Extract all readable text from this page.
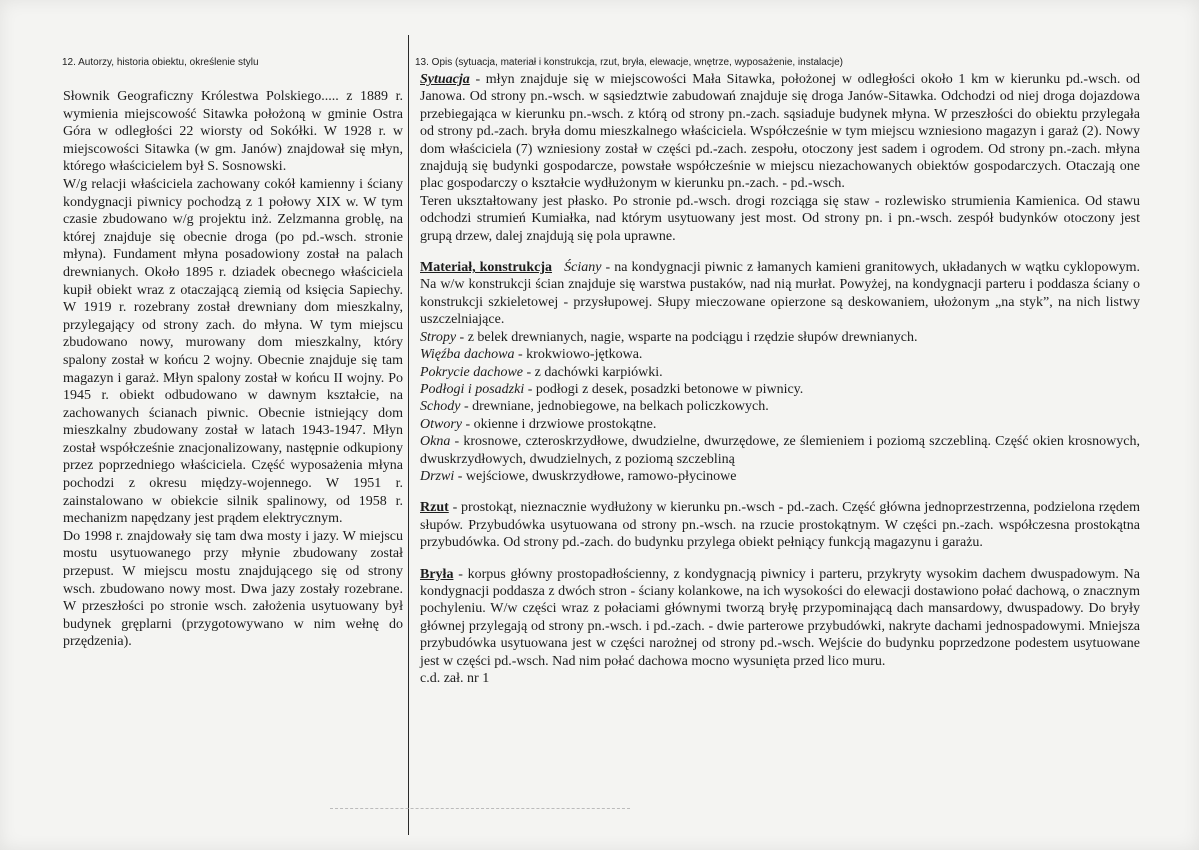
12. Autorzy, historia obiektu, określenie stylu	13. Opis (sytuacja, materiał i konstrukcja, rzut, bryła, elewacje, wnętrze, wyposażenie, instalacje)

Słownik Geograficzny Królestwa Polskiego..... z 1889 r. wymienia miejscowość Sitawka położoną w gminie Ostra Góra w odległości 22 wiorsty od Sokółki. W 1928 r. w miejscowości Sitawka (w gm. Janów) znajdował się młyn, którego właścicielem był S. Sosnowski.

W/g relacji właściciela zachowany cokół kamienny i ściany kondygnacji piwnicy pochodzą z 1 połowy XIX w. W tym czasie zbudowano w/g projektu inż. Zelzmanna groblę, na której znajduje się obecnie droga (po pd.-wsch. stronie młyna). Fundament młyna posadowiony został na palach drewnianych. Około 1895 r. dziadek obecnego właściciela kupił obiekt wraz z otaczającą ziemią od księcia Sapiechy. W 1919 r. rozebrany został drewniany dom mieszkalny, przylegający od strony zach. do młyna. W tym miejscu zbudowano nowy, murowany dom mieszkalny, który spalony został w końcu 2 wojny. Obecnie znajduje się tam magazyn i garaż. Młyn spalony został w końcu II wojny. Po 1945 r. obiekt odbudowano w dawnym kształcie, na zachowanych ścianach piwnic. Obecnie istniejący dom mieszkalny zbudowany został w latach 1943-1947. Młyn został współcześnie znacjonalizowany, następnie odkupiony przez poprzedniego właściciela. Część wyposażenia młyna pochodzi z okresu między-wojennego. W 1951 r. zainstalowano w obiekcie silnik spalinowy, od 1958 r. mechanizm napędzany jest prądem elektrycznym.

Do 1998 r. znajdowały się tam dwa mosty i jazy. W miejscu mostu usytuowanego przy młynie zbudowany został przepust. W miejscu mostu znajdującego się od strony wsch. zbudowano nowy most. Dwa jazy zostały rozebrane. W przeszłości po stronie wsch. założenia usytuowany był budynek gręplarni (przygotowywano w nim wełnę do przędzenia).

Sytuacja - młyn znajduje się w miejscowości Mała Sitawka, położonej w odległości około 1 km w kierunku pd.-wsch. od Janowa. Od strony pn.-wsch. w sąsiedztwie zabudowań znajduje się droga Janów-Sitawka. Odchodzi od niej droga dojazdowa przebiegająca w kierunku pn.-wsch. z którą od strony pn.-zach. sąsiaduje budynek młyna. W przeszłości do obiektu przylegała od strony pd.-zach. bryła domu mieszkalnego właściciela. Współcześnie w tym miejscu wzniesiono magazyn i garaż (2). Nowy dom właściciela (7) wzniesiony został w części pd.-zach. zespołu, otoczony jest sadem i ogrodem. Od strony pn.-zach. młyna znajdują się budynki gospodarcze, powstałe współcześnie w miejscu niezachowanych obiektów gospodarczych. Otaczają one plac gospodarczy o kształcie wydłużonym w kierunku pn.-zach. - pd.-wsch.
Teren ukształtowany jest płasko. Po stronie pd.-wsch. drogi rozciąga się staw - rozlewisko strumienia Kamienica. Od stawu odchodzi strumień Kumiałka, nad którym usytuowany jest most. Od strony pn. i pn.-wsch. zespół budynków otoczony jest grupą drzew, dalej znajdują się pola uprawne.
Materiał, konstrukcja Ściany - na kondygnacji piwnic z łamanych kamieni granitowych, układanych w wątku cyklopowym. Na w/w konstrukcji ścian znajduje się warstwa pustaków, nad nią murłat. Powyżej, na kondygnacji parteru i poddasza ściany o konstrukcji szkieletowej - przysłupowej. Słupy mieczowane opierzone są deskowaniem, ułożonym „na styk”, na nich listwy uszczelniające.
Stropy - z belek drewnianych, nagie, wsparte na podciągu i rzędzie słupów drewnianych.
Więźba dachowa - krokwiowo-jętkowa.
Pokrycie dachowe - z dachówki karpiówki.
Podłogi i posadzki - podłogi z desek, posadzki betonowe w piwnicy.
Schody - drewniane, jednobiegowe, na belkach policzkowych.
Otwory - okienne i drzwiowe prostokątne.
Okna - krosnowe, czteroskrzydłowe, dwudzielne, dwurzędowe, ze ślemieniem i poziomą szczebliną. Część okien krosnowych, dwuskrzydłowych, dwudzielnych, z poziomą szczebliną
Drzwi - wejściowe, dwuskrzydłowe, ramowo-płycinowe
Rzut - prostokąt, nieznacznie wydłużony w kierunku pn.-wsch - pd.-zach. Część główna jednoprzestrzenna, podzielona rzędem słupów. Przybudówka usytuowana od strony pn.-wsch. na rzucie prostokątnym. W części pn.-zach. współczesna prostokątna przybudówka. Od strony pd.-zach. do budynku przylega obiekt pełniący funkcją magazynu i garażu.
Bryła - korpus główny prostopadłościenny, z kondygnacją piwnicy i parteru, przykryty wysokim dachem dwuspadowym. Na kondygnacji poddasza z dwóch stron - ściany kolankowe, na ich wysokości do elewacji dostawiono połać dachową, o znacznym pochyleniu. W/w części wraz z połaciami głównymi tworzą bryłę przypominającą dach mansardowy, dwuspadowy. Do bryły głównej przylegają od strony pn.-wsch. i pd.-zach. - dwie parterowe przybudówki, nakryte dachami jednospadowymi. Mniejsza przybudówka usytuowana jest w części narożnej od strony pd.-wsch. Wejście do budynku poprzedzone podestem usytuowane jest w części pd.-wsch. Nad nim połać dachowa mocno wysunięta przed lico muru.
c.d. zał. nr 1
